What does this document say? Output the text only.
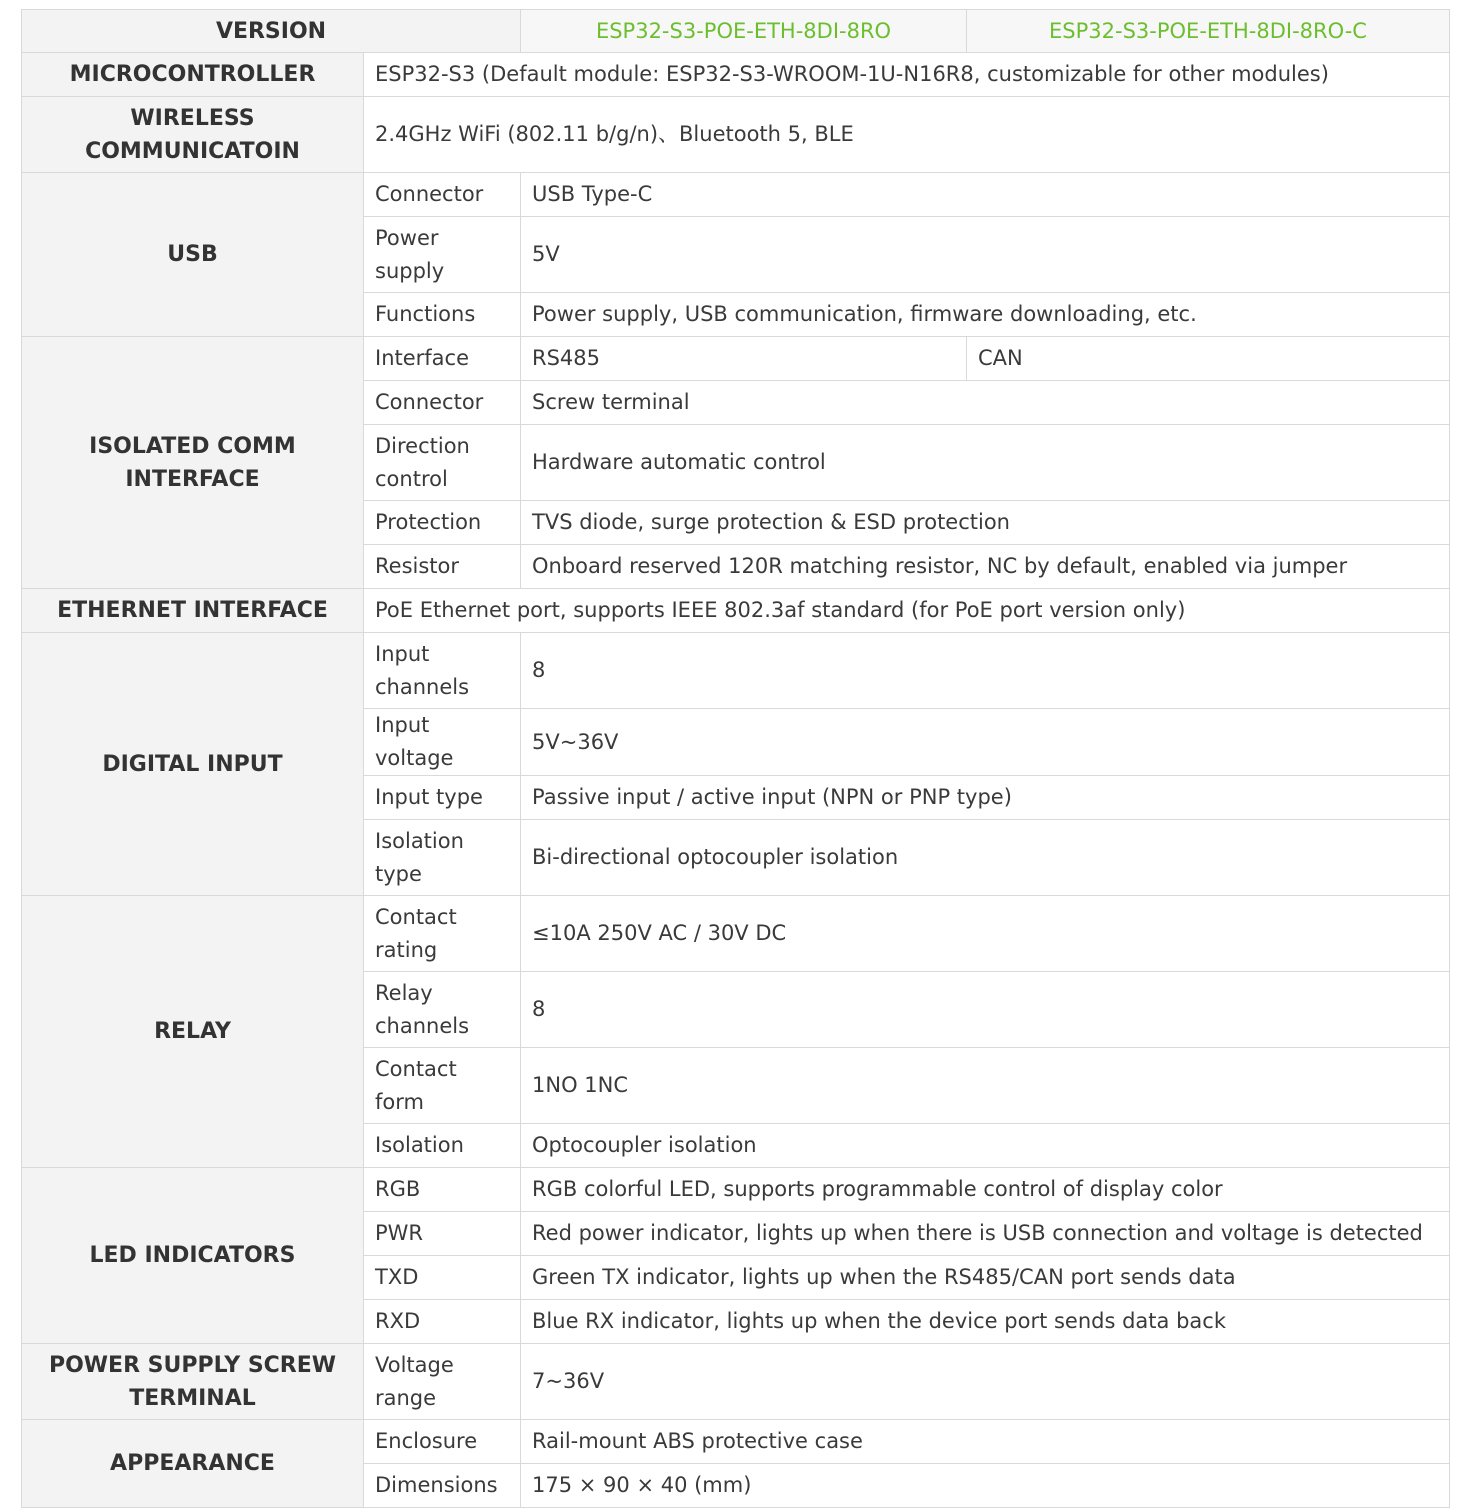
VERSION		ESP32-S3-POE-ETH-8DI-8RO	ESP32-S3-POE-ETH-8DI-8RO-C
MICROCONTROLLER	ESP32-S3 (Default module: ESP32-S3-WROOM-1U-N16R8, customizable for other modules)		
WIRELESS COMMUNICATOIN	2.4GHz WiFi (802.11 b/g/n)、Bluetooth 5, BLE		
USB	Connector	USB Type-C	
	Power supply	5V	
	Functions	Power supply, USB communication, firmware downloading, etc.	
ISOLATED COMM INTERFACE	Interface	RS485	CAN
	Connector	Screw terminal	
	Direction control	Hardware automatic control	
	Protection	TVS diode, surge protection & ESD protection	
	Resistor	Onboard reserved 120R matching resistor, NC by default, enabled via jumper	
ETHERNET INTERFACE	PoE Ethernet port, supports IEEE 802.3af standard (for PoE port version only)		
DIGITAL INPUT	Input channels	8	
	Input voltage	5V~36V	
	Input type	Passive input / active input (NPN or PNP type)	
	Isolation type	Bi-directional optocoupler isolation	
RELAY	Contact rating	≤10A 250V AC / 30V DC	
	Relay channels	8	
	Contact form	1NO 1NC	
	Isolation	Optocoupler isolation	
LED INDICATORS	RGB	RGB colorful LED, supports programmable control of display color	
	PWR	Red power indicator, lights up when there is USB connection and voltage is detected	
	TXD	Green TX indicator, lights up when the RS485/CAN port sends data	
	RXD	Blue RX indicator, lights up when the device port sends data back	
POWER SUPPLY SCREW TERMINAL	Voltage range	7~36V	
APPEARANCE	Enclosure	Rail-mount ABS protective case	
	Dimensions	175 × 90 × 40 (mm)	
